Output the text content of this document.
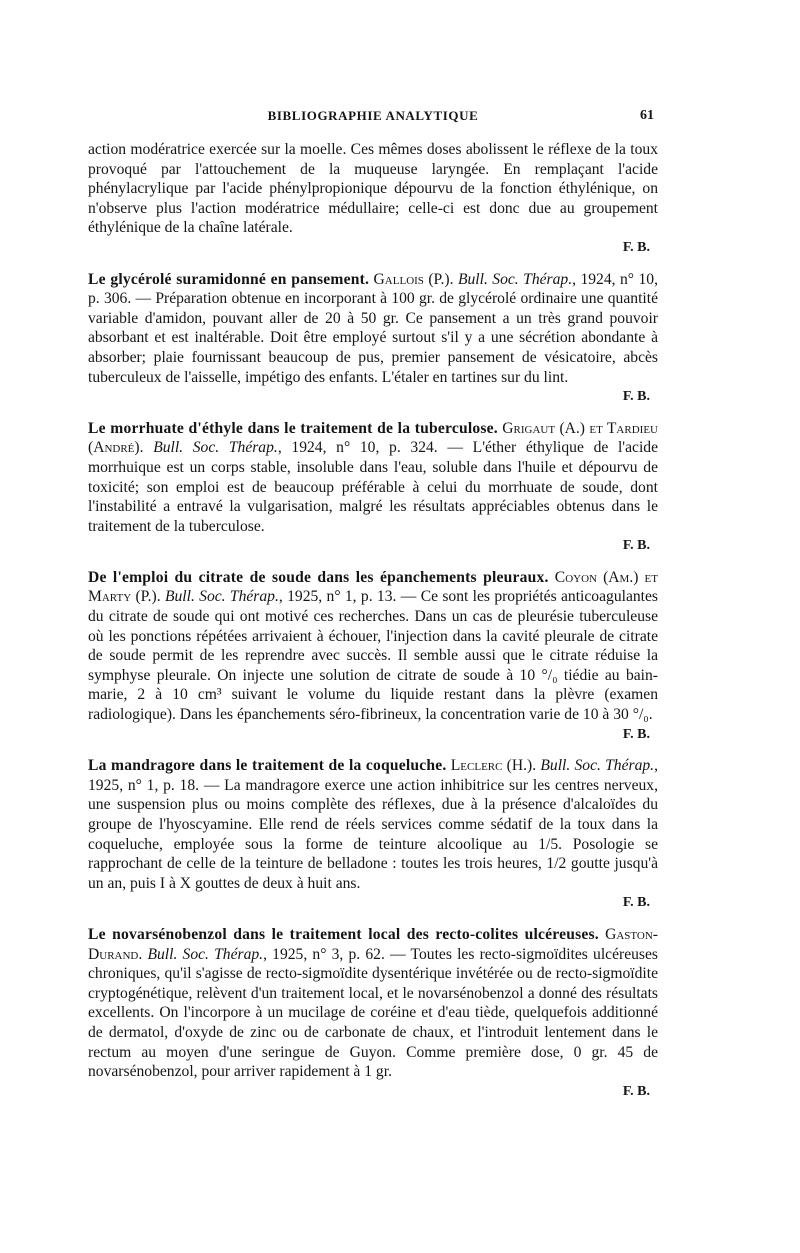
BIBLIOGRAPHIE ANALYTIQUE	61

action modératrice exercée sur la moelle. Ces mêmes doses abolissent le réflexe de la toux provoqué par l'attouchement de la muqueuse laryngée. En remplaçant l'acide phénylacrylique par l'acide phénylpropionique dépourvu de la fonction éthylénique, on n'observe plus l'action modératrice médullaire; celle-ci est donc due au groupement éthylénique de la chaîne latérale.

F. B.

Le glycérolé suramidonné en pansement. Gallois (P.). Bull. Soc. Thérap., 1924, n° 10, p. 306. — Préparation obtenue en incorporant à 100 gr. de glycérolé ordinaire une quantité variable d'amidon, pouvant aller de 20 à 50 gr. Ce pansement a un très grand pouvoir absorbant et est inaltérable. Doit être employé surtout s'il y a une sécrétion abondante à absorber; plaie fournissant beaucoup de pus, premier pansement de vésicatoire, abcès tuberculeux de l'aisselle, impétigo des enfants. L'étaler en tartines sur du lint.

F. B.

Le morrhuate d'éthyle dans le traitement de la tuberculose. Grigaut (A.) et Tardieu (André). Bull. Soc. Thérap., 1924, n° 10, p. 324. — L'éther éthylique de l'acide morrhuique est un corps stable, insoluble dans l'eau, soluble dans l'huile et dépourvu de toxicité; son emploi est de beaucoup préférable à celui du morrhuate de soude, dont l'instabilité a entravé la vulgarisation, malgré les résultats appréciables obtenus dans le traitement de la tuberculose.

F. B.

De l'emploi du citrate de soude dans les épanchements pleuraux. Coyon (Am.) et Marty (P.). Bull. Soc. Thérap., 1925, n° 1, p. 13. — Ce sont les propriétés anticoagulantes du citrate de soude qui ont motivé ces recherches. Dans un cas de pleurésie tuberculeuse où les ponctions répétées arrivaient à échouer, l'injection dans la cavité pleurale de citrate de soude permit de les reprendre avec succès. Il semble aussi que le citrate réduise la symphyse pleurale. On injecte une solution de citrate de soude à 10 °/₀ tiédie au bain-marie, 2 à 10 cm³ suivant le volume du liquide restant dans la plèvre (examen radiologique). Dans les épanchements séro-fibrineux, la concentration varie de 10 à 30 °/₀.

F. B.

La mandragore dans le traitement de la coqueluche. Leclerc (H.). Bull. Soc. Thérap., 1925, n° 1, p. 18. — La mandragore exerce une action inhibitrice sur les centres nerveux, une suspension plus ou moins complète des réflexes, due à la présence d'alcaloïdes du groupe de l'hyoscyamine. Elle rend de réels services comme sédatif de la toux dans la coqueluche, employée sous la forme de teinture alcoolique au 1/5. Posologie se rapprochant de celle de la teinture de belladone : toutes les trois heures, 1/2 goutte jusqu'à un an, puis I à X gouttes de deux à huit ans.

F. B.

Le novarsénobenzol dans le traitement local des recto-colites ulcéreuses. Gaston-Durand. Bull. Soc. Thérap., 1925, n° 3, p. 62. — Toutes les recto-sigmoïdites ulcéreuses chroniques, qu'il s'agisse de recto-sigmoïdite dysentérique invétérée ou de recto-sigmoïdite cryptogénétique, relèvent d'un traitement local, et le novarsénobenzol a donné des résultats excellents. On l'incorpore à un mucilage de coréine et d'eau tiède, quelquefois additionné de dermatol, d'oxyde de zinc ou de carbonate de chaux, et l'introduit lentement dans le rectum au moyen d'une seringue de Guyon. Comme première dose, 0 gr. 45 de novarsénobenzol, pour arriver rapidement à 1 gr.

F. B.
